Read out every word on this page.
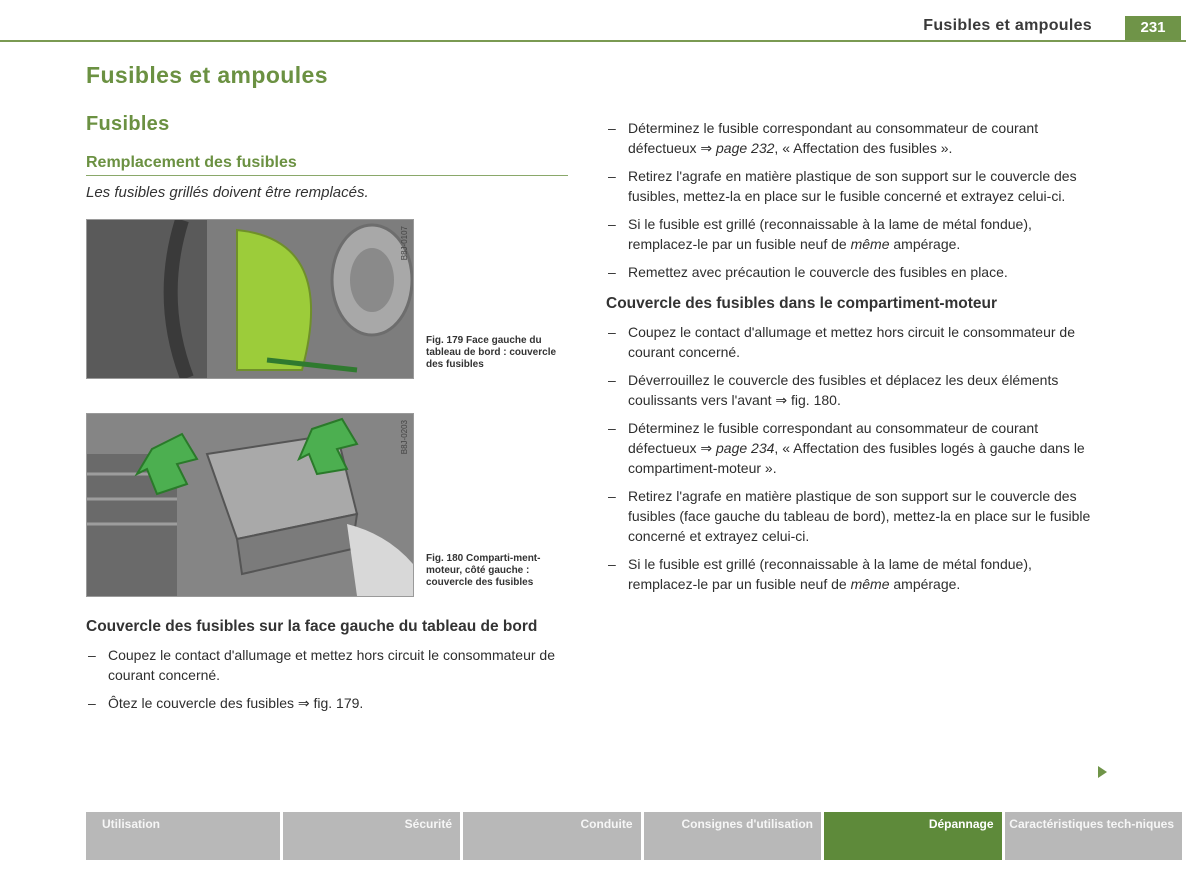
Fusibles et ampoules	231
Fusibles et ampoules
Fusibles
Remplacement des fusibles
Les fusibles grillés doivent être remplacés.
B8J-0107
Fig. 179 Face gauche du tableau de bord : couvercle des fusibles
B8J-0203
Fig. 180 Comparti-ment-moteur, côté gauche : couvercle des fusibles
Couvercle des fusibles sur la face gauche du tableau de bord
– Coupez le contact d'allumage et mettez hors circuit le consommateur de courant concerné.
– Ôtez le couvercle des fusibles ⇒ fig. 179.
– Déterminez le fusible correspondant au consommateur de courant défectueux ⇒ page 232, « Affectation des fusibles ».
– Retirez l'agrafe en matière plastique de son support sur le couvercle des fusibles, mettez-la en place sur le fusible concerné et extrayez celui-ci.
– Si le fusible est grillé (reconnaissable à la lame de métal fondue), remplacez-le par un fusible neuf de même ampérage.
– Remettez avec précaution le couvercle des fusibles en place.
Couvercle des fusibles dans le compartiment-moteur
– Coupez le contact d'allumage et mettez hors circuit le consommateur de courant concerné.
– Déverrouillez le couvercle des fusibles et déplacez les deux éléments coulissants vers l'avant ⇒ fig. 180.
– Déterminez le fusible correspondant au consommateur de courant défectueux ⇒ page 234, « Affectation des fusibles logés à gauche dans le compartiment-moteur ».
– Retirez l'agrafe en matière plastique de son support sur le couvercle des fusibles (face gauche du tableau de bord), mettez-la en place sur le fusible concerné et extrayez celui-ci.
– Si le fusible est grillé (reconnaissable à la lame de métal fondue), remplacez-le par un fusible neuf de même ampérage.
Utilisation	Sécurité	Conduite	Consignes d'utilisation	Dépannage	Caractéristiques tech-niques
